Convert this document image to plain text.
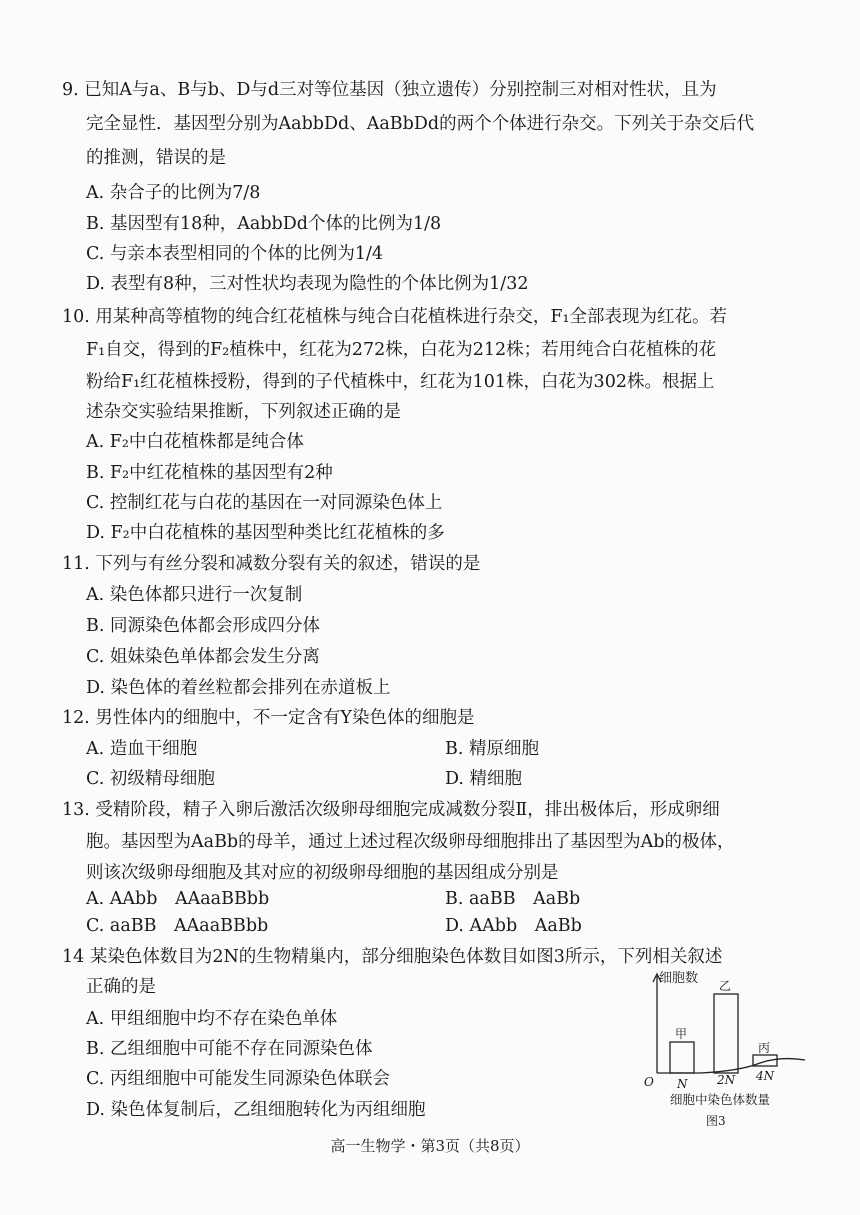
9. 已知A与a、B与b、D与d三对等位基因（独立遗传）分别控制三对相对性状，且为
完全显性．基因型分别为AabbDd、AaBbDd的两个个体进行杂交。下列关于杂交后代
的推测，错误的是
A. 杂合子的比例为7/8
B. 基因型有18种，AabbDd个体的比例为1/8
C. 与亲本表型相同的个体的比例为1/4
D. 表型有8种，三对性状均表现为隐性的个体比例为1/32
10. 用某种高等植物的纯合红花植株与纯合白花植株进行杂交，F₁全部表现为红花。若
F₁自交，得到的F₂植株中，红花为272株，白花为212株；若用纯合白花植株的花
粉给F₁红花植株授粉，得到的子代植株中，红花为101株，白花为302株。根据上
述杂交实验结果推断，下列叙述正确的是
A. F₂中白花植株都是纯合体
B. F₂中红花植株的基因型有2种
C. 控制红花与白花的基因在一对同源染色体上
D. F₂中白花植株的基因型种类比红花植株的多
11. 下列与有丝分裂和减数分裂有关的叙述，错误的是
A. 染色体都只进行一次复制
B. 同源染色体都会形成四分体
C. 姐妹染色单体都会发生分离
D. 染色体的着丝粒都会排列在赤道板上
12. 男性体内的细胞中，不一定含有Y染色体的细胞是
A. 造血干细胞	B. 精原细胞
C. 初级精母细胞	D. 精细胞
13. 受精阶段，精子入卵后激活次级卵母细胞完成减数分裂Ⅱ，排出极体后，形成卵细
胞。基因型为AaBb的母羊，通过上述过程次级卵母细胞排出了基因型为Ab的极体，
则该次级卵母细胞及其对应的初级卵母细胞的基因组成分别是
A. AAbb　AAaaBBbb	B. aaBB　AaBb
C. aaBB　AAaaBBbb	D. AAbb　AaBb
14 某染色体数目为2N的生物精巢内，部分细胞染色体数目如图3所示，下列相关叙述
正确的是
A. 甲组细胞中均不存在染色单体
B. 乙组细胞中可能不存在同源染色体
C. 丙组细胞中可能发生同源染色体联会
D. 染色体复制后，乙组细胞转化为丙组细胞
细胞数
甲
乙
丙
O N 2N 4N
细胞中染色体数量
图3
高一生物学・第3页（共8页）
